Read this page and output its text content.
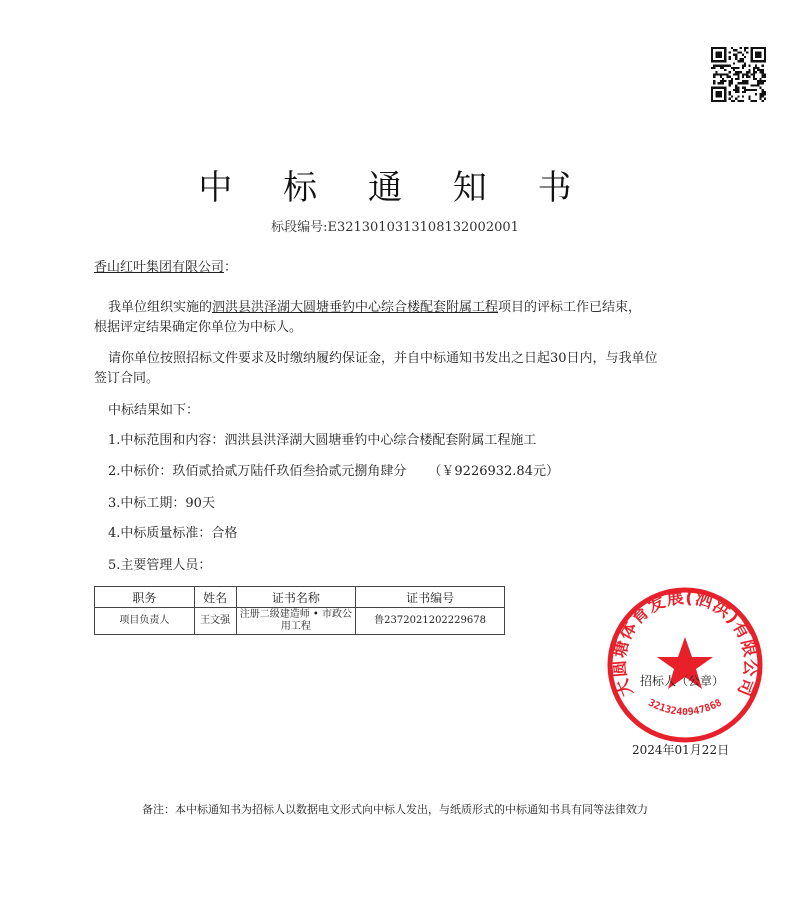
中 标 通 知 书
标段编号:E3213010313108132002001
香山红叶集团有限公司：
我单位组织实施的泗洪县洪泽湖大圆塘垂钓中心综合楼配套附属工程项目的评标工作已结束，
根据评定结果确定你单位为中标人。
请你单位按照招标文件要求及时缴纳履约保证金，并自中标通知书发出之日起30日内，与我单位
签订合同。
中标结果如下：
1.中标范围和内容：泗洪县洪泽湖大圆塘垂钓中心综合楼配套附属工程施工
2.中标价：玖佰贰拾贰万陆仟玖佰叁拾贰元捌角肆分 （￥9226932.84元）
3.中标工期：90天
4.中标质量标准：合格
5.主要管理人员：
职务	姓名	证书名称	证书编号
项目负责人	王文强	注册二级建造师 • 市政公用工程	鲁2372021202229678
大圆塘体育发展(泗洪)有限公司
3213240947868
招标人（公章）
2024年01月22日
备注：本中标通知书为招标人以数据电文形式向中标人发出，与纸质形式的中标通知书具有同等法律效力
